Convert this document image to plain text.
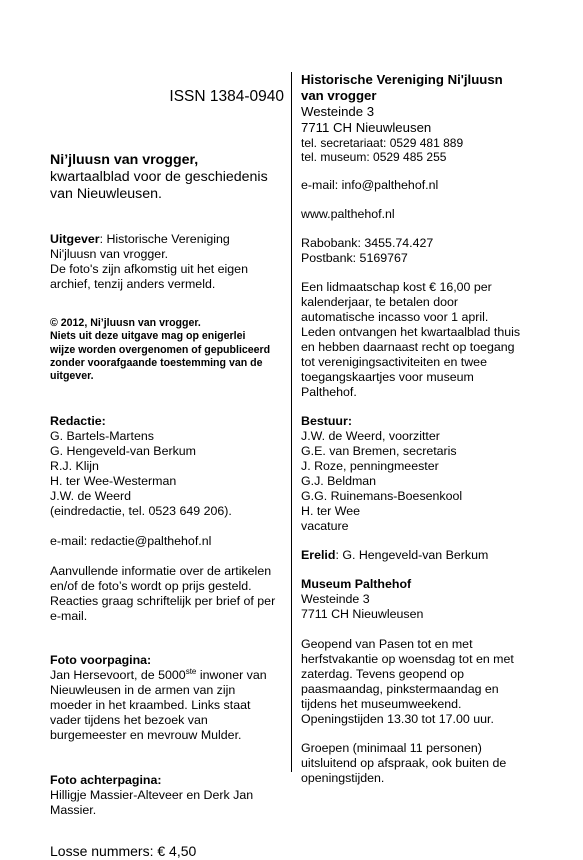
ISSN 1384-0940

Ni’jluusn van vrogger,
kwartaalblad voor de geschiedenis
van Nieuwleusen.

Uitgever: Historische Vereniging
Ni'jluusn van vrogger.
De foto's zijn afkomstig uit het eigen
archief, tenzij anders vermeld.

© 2012, Ni’jluusn van vrogger.
Niets uit deze uitgave mag op enigerlei
wijze worden overgenomen of gepubliceerd
zonder voorafgaande toestemming van de
uitgever.

Redactie:
G. Bartels-Martens
G. Hengeveld-van Berkum
R.J. Klijn
H. ter Wee-Westerman
J.W. de Weerd
(eindredactie, tel. 0523 649 206).

e-mail: redactie@palthehof.nl

Aanvullende informatie over de artikelen
en/of de foto’s wordt op prijs gesteld.
Reacties graag schriftelijk per brief of per
e-mail.

Foto voorpagina:
Jan Hersevoort, de 5000ste inwoner van
Nieuwleusen in de armen van zijn
moeder in het kraambed. Links staat
vader tijdens het bezoek van
burgemeester en mevrouw Mulder.

Foto achterpagina:
Hilligje Massier-Alteveer en Derk Jan
Massier.

Losse nummers: € 4,50

Historische Vereniging Ni'jluusn
van vrogger

Westeinde 3
7711 CH Nieuwleusen

tel. secretariaat: 0529 481 889
tel. museum: 0529 485 255

e-mail: info@palthehof.nl

www.palthehof.nl

Rabobank: 3455.74.427
Postbank: 5169767

Een lidmaatschap kost € 16,00 per
kalenderjaar, te betalen door
automatische incasso voor 1 april.
Leden ontvangen het kwartaalblad thuis
en hebben daarnaast recht op toegang
tot verenigingsactiviteiten en twee
toegangskaartjes voor museum
Palthehof.

Bestuur:
J.W. de Weerd, voorzitter
G.E. van Bremen, secretaris
J. Roze, penningmeester
G.J. Beldman
G.G. Ruinemans-Boesenkool
H. ter Wee
vacature

Erelid: G. Hengeveld-van Berkum

Museum Palthehof
Westeinde 3
7711 CH Nieuwleusen

Geopend van Pasen tot en met
herfstvakantie op woensdag tot en met
zaterdag. Tevens geopend op
paasmaandag, pinkstermaandag en
tijdens het museumweekend.
Openingstijden 13.30 tot 17.00 uur.

Groepen (minimaal 11 personen)
uitsluitend op afspraak, ook buiten de
openingstijden.
